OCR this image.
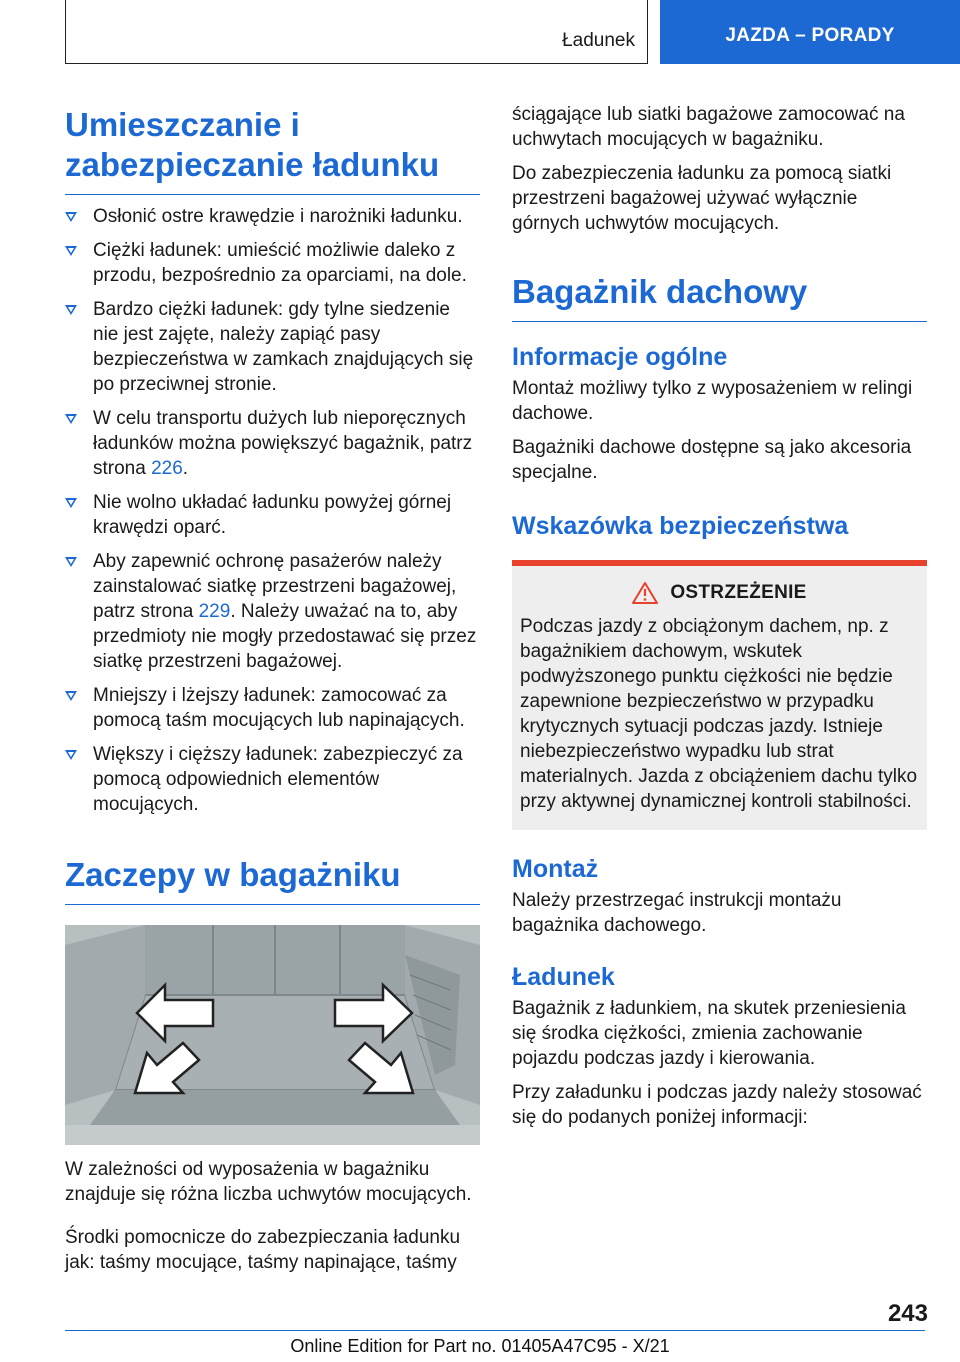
Ładunek	JAZDA – PORADY
Umieszczanie i zabezpieczanie ładunku
Osłonić ostre krawędzie i narożniki ładunku.
Ciężki ładunek: umieścić możliwie daleko z przodu, bezpośrednio za oparciami, na dole.
Bardzo ciężki ładunek: gdy tylne siedzenie nie jest zajęte, należy zapiąć pasy bezpieczeństwa w zamkach znajdujących się po przeciwnej stronie.
W celu transportu dużych lub nieporęcznych ładunków można powiększyć bagażnik, patrz strona 226.
Nie wolno układać ładunku powyżej górnej krawędzi oparć.
Aby zapewnić ochronę pasażerów należy zainstalować siatkę przestrzeni bagażowej, patrz strona 229. Należy uważać na to, aby przedmioty nie mogły przedostawać się przez siatkę przestrzeni bagażowej.
Mniejszy i lżejszy ładunek: zamocować za pomocą taśm mocujących lub napinających.
Większy i cięższy ładunek: zabezpieczyć za pomocą odpowiednich elementów mocujących.
Zaczepy w bagażniku

W zależności od wyposażenia w bagażniku znajduje się różna liczba uchwytów mocujących.

Środki pomocnicze do zabezpieczania ładunku jak: taśmy mocujące, taśmy napinające, taśmy

ściągające lub siatki bagażowe zamocować na uchwytach mocujących w bagażniku.

Do zabezpieczenia ładunku za pomocą siatki przestrzeni bagażowej używać wyłącznie górnych uchwytów mocujących.

Bagażnik dachowy
Informacje ogólne

Montaż możliwy tylko z wyposażeniem w relingi dachowe.

Bagażniki dachowe dostępne są jako akcesoria specjalne.

Wskazówka bezpieczeństwa
OSTRZEŻENIE

Podczas jazdy z obciążonym dachem, np. z bagażnikiem dachowym, wskutek podwyższonego punktu ciężkości nie będzie zapewnione bezpieczeństwo w przypadku krytycznych sytuacji podczas jazdy. Istnieje niebezpieczeństwo wypadku lub strat materialnych. Jazda z obciążeniem dachu tylko przy aktywnej dynamicznej kontroli stabilności.

Montaż

Należy przestrzegać instrukcji montażu bagażnika dachowego.

Ładunek

Bagażnik z ładunkiem, na skutek przeniesienia się środka ciężkości, zmienia zachowanie pojazdu podczas jazdy i kierowania.

Przy załadunku i podczas jazdy należy stosować się do podanych poniżej informacji:

243
Online Edition for Part no. 01405A47C95 - X/21
